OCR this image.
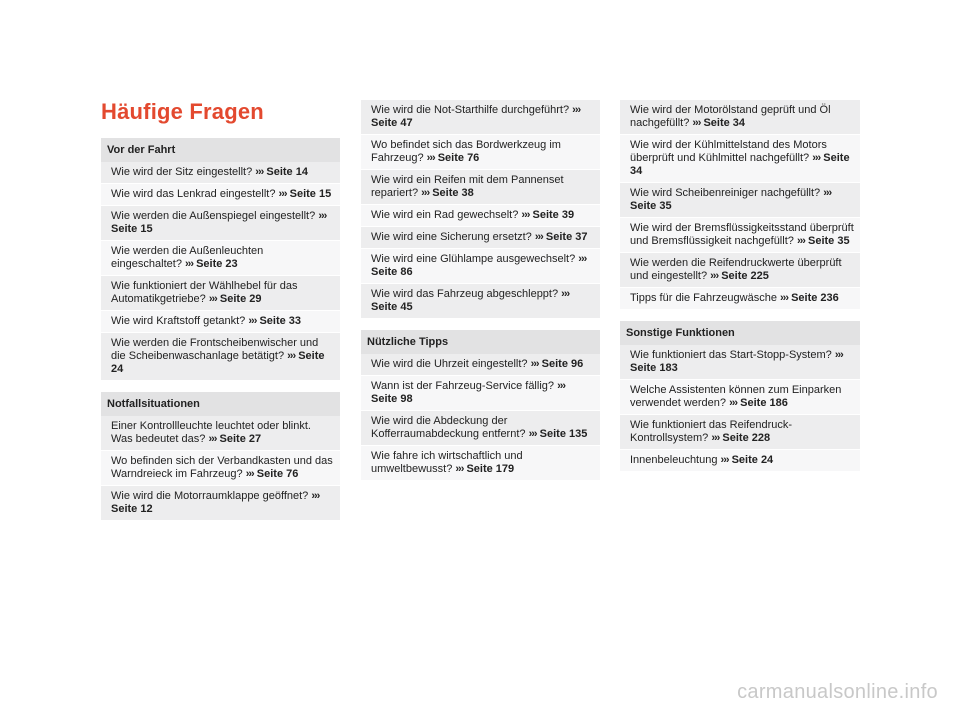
Häufige Fragen
Vor der Fahrt
Wie wird der Sitz eingestellt? ››› Seite 14
Wie wird das Lenkrad eingestellt? ››› Seite 15
Wie werden die Außenspiegel eingestellt? ››› Seite 15
Wie werden die Außenleuchten eingeschaltet? ››› Seite 23
Wie funktioniert der Wählhebel für das Automatikgetriebe? ››› Seite 29
Wie wird Kraftstoff getankt? ››› Seite 33
Wie werden die Frontscheibenwischer und die Scheibenwaschanlage betätigt? ››› Seite 24
Notfallsituationen
Einer Kontrollleuchte leuchtet oder blinkt. Was bedeutet das? ››› Seite 27
Wo befinden sich der Verbandkasten und das Warndreieck im Fahrzeug? ››› Seite 76
Wie wird die Motorraumklappe geöffnet? ››› Seite 12
Wie wird die Not-Starthilfe durchgeführt? ››› Seite 47
Wo befindet sich das Bordwerkzeug im Fahrzeug? ››› Seite 76
Wie wird ein Reifen mit dem Pannenset repariert? ››› Seite 38
Wie wird ein Rad gewechselt? ››› Seite 39
Wie wird eine Sicherung ersetzt? ››› Seite 37
Wie wird eine Glühlampe ausgewechselt? ››› Seite 86
Wie wird das Fahrzeug abgeschleppt? ››› Seite 45
Nützliche Tipps
Wie wird die Uhrzeit eingestellt? ››› Seite 96
Wann ist der Fahrzeug-Service fällig? ››› Seite 98
Wie wird die Abdeckung der Kofferraumabdeckung entfernt? ››› Seite 135
Wie fahre ich wirtschaftlich und umweltbewusst? ››› Seite 179
Wie wird der Motorölstand geprüft und Öl nachgefüllt? ››› Seite 34
Wie wird der Kühlmittelstand des Motors überprüft und Kühlmittel nachgefüllt? ››› Seite 34
Wie wird Scheibenreiniger nachgefüllt? ››› Seite 35
Wie wird der Bremsflüssigkeitsstand überprüft und Bremsflüssigkeit nachgefüllt? ››› Seite 35
Wie werden die Reifendruckwerte überprüft und eingestellt? ››› Seite 225
Tipps für die Fahrzeugwäsche ››› Seite 236
Sonstige Funktionen
Wie funktioniert das Start-Stopp-System? ››› Seite 183
Welche Assistenten können zum Einparken verwendet werden? ››› Seite 186
Wie funktioniert das Reifendruck-Kontrollsystem? ››› Seite 228
Innenbeleuchtung ››› Seite 24
carmanualsonline.info
